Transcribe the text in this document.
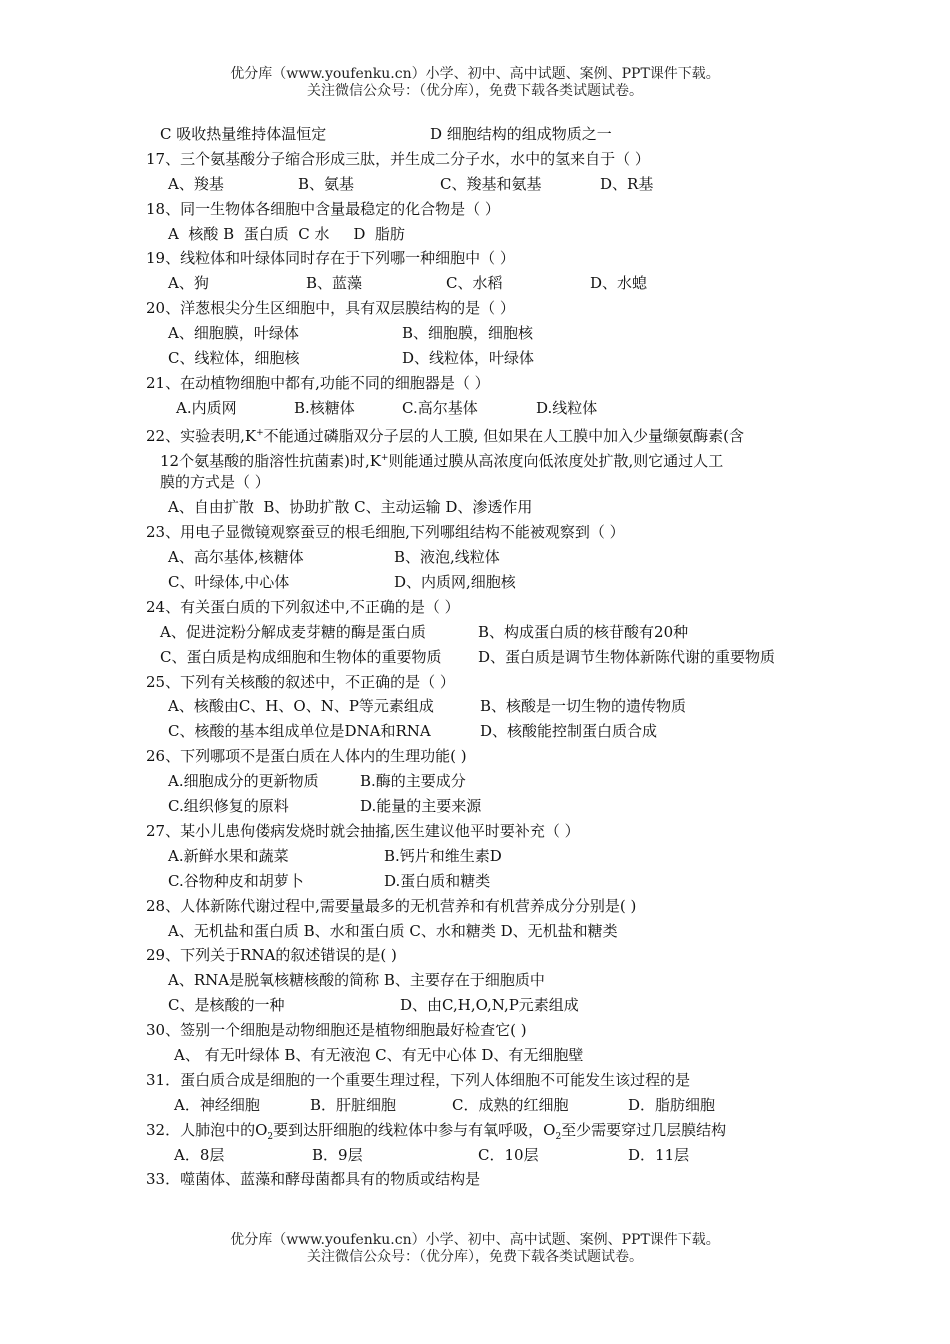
优分库（www.youfenku.cn）小学、初中、高中试题、案例、PPT课件下载。
关注微信公众号：（优分库），免费下载各类试题试卷。
C 吸收热量维持体温恒定	D 细胞结构的组成物质之一
17、三个氨基酸分子缩合形成三肽，并生成二分子水，水中的氢来自于（ ）
A、羧基	B、氨基	C、羧基和氨基	D、R基
18、同一生物体各细胞中含量最稳定的化合物是（ ）
A  核酸 B  蛋白质  C 水     D  脂肪
19、线粒体和叶绿体同时存在于下列哪一种细胞中（ ）
A、狗	B、蓝藻	C、水稻	D、水螅
20、洋葱根尖分生区细胞中，具有双层膜结构的是（ ）
A、细胞膜，叶绿体	B、细胞膜，细胞核
C、线粒体，细胞核	D、线粒体，叶绿体
21、在动植物细胞中都有,功能不同的细胞器是（ ）
A.内质网	B.核糖体	C.高尔基体	D.线粒体
22、实验表明,K+不能通过磷脂双分子层的人工膜, 但如果在人工膜中加入少量缬氨酶素(含
12个氨基酸的脂溶性抗菌素)时,K+则能通过膜从高浓度向低浓度处扩散,则它通过人工
膜的方式是（ ）
A、自由扩散  B、协助扩散 C、主动运输 D、渗透作用
23、用电子显微镜观察蚕豆的根毛细胞,下列哪组结构不能被观察到（ ）
A、高尔基体,核糖体	B、液泡,线粒体
C、叶绿体,中心体	D、内质网,细胞核
24、有关蛋白质的下列叙述中,不正确的是（ ）
A、促进淀粉分解成麦芽糖的酶是蛋白质	B、构成蛋白质的核苷酸有20种
C、蛋白质是构成细胞和生物体的重要物质 D、蛋白质是调节生物体新陈代谢的重要物质
25、下列有关核酸的叙述中，不正确的是（ ）
A、核酸由C、H、O、N、P等元素组成	B、核酸是一切生物的遗传物质
C、核酸的基本组成单位是DNA和RNA	D、核酸能控制蛋白质合成
26、下列哪项不是蛋白质在人体内的生理功能( )
A.细胞成分的更新物质	B.酶的主要成分
C.组织修复的原料	D.能量的主要来源
27、某小儿患佝偻病发烧时就会抽搐,医生建议他平时要补充（ ）
A.新鲜水果和蔬菜	B.钙片和维生素D
C.谷物种皮和胡萝卜	D.蛋白质和糖类
28、人体新陈代谢过程中,需要量最多的无机营养和有机营养成分分别是( )
A、无机盐和蛋白质 B、水和蛋白质 C、水和糖类 D、无机盐和糖类
29、下列关于RNA的叙述错误的是( )
A、RNA是脱氧核糖核酸的简称 B、主要存在于细胞质中
C、是核酸的一种	D、由C,H,O,N,P元素组成
30、签别一个细胞是动物细胞还是植物细胞最好检查它( )
A、 有无叶绿体 B、有无液泡 C、有无中心体 D、有无细胞壁
31．蛋白质合成是细胞的一个重要生理过程，下列人体细胞不可能发生该过程的是
A．神经细胞	B．肝脏细胞	C．成熟的红细胞	D．脂肪细胞
32．人肺泡中的$O_2$要到达肝细胞的线粒体中参与有氧呼吸，$O_2$至少需要穿过几层膜结构
A．8层	B．9层	C．10层	D．11层
33．噬菌体、蓝藻和酵母菌都具有的物质或结构是
优分库（www.youfenku.cn）小学、初中、高中试题、案例、PPT课件下载。
关注微信公众号：（优分库），免费下载各类试题试卷。
